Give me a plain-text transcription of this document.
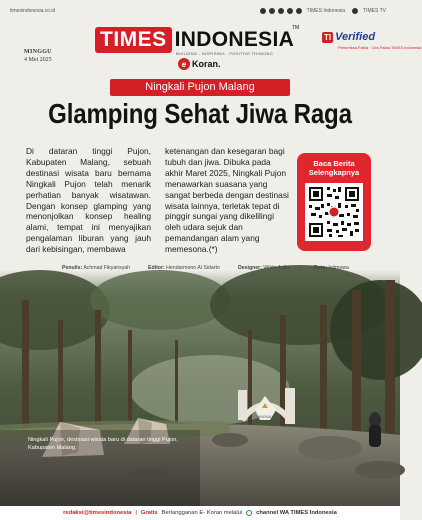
timesindonesia.co.id	TIMES Indonesia	TIMES TV
MINGGU
4 Mei 2025
TIMES INDONESIA
TM
BUILDING - INSPIRING - POSITIVE THINKING
e Koran.
TI Verified
Pemeriksa Fakta · Cek Fakta TIMES Indonesia
Ningkali Pujon Malang
Glamping Sehat Jiwa Raga
Di dataran tinggi Pujon, Kabupaten Malang, sebuah destinasi wisata baru bernama Ningkali Pujon telah menarik perhatian banyak wisatawan. Dengan konsep glamping yang menonjolkan konsep healing alami, tempat ini menyajikan pengalaman liburan yang jauh dari kebisingan, membawa
ketenangan dan kesegaran bagi tubuh dan jiwa. Dibuka pada akhir Maret 2025, Ningkali Pujon menawarkan suasana yang sangat berbeda dengan destinasi wisata lainnya, terletak tepat di pinggir sungai yang dikelilingi oleh udara sejuk dan pemandangan alam yang memesona.(*)
Baca Berita
Selengkapnya
NINGKALI
Ningkali Pujon, destinasi wisata baru di dataran tinggi Pujon, Kabupaten Malang.
Penulis: Achmad Fikyansyah	Editor: Hendarmono Al Sidarto	Designer: Wildo Aulia	Foto: Istimewa
redaksi@timesindonesia | Gratis Berlangganan E- Koran melalui channel WA TIMES Indonesia
